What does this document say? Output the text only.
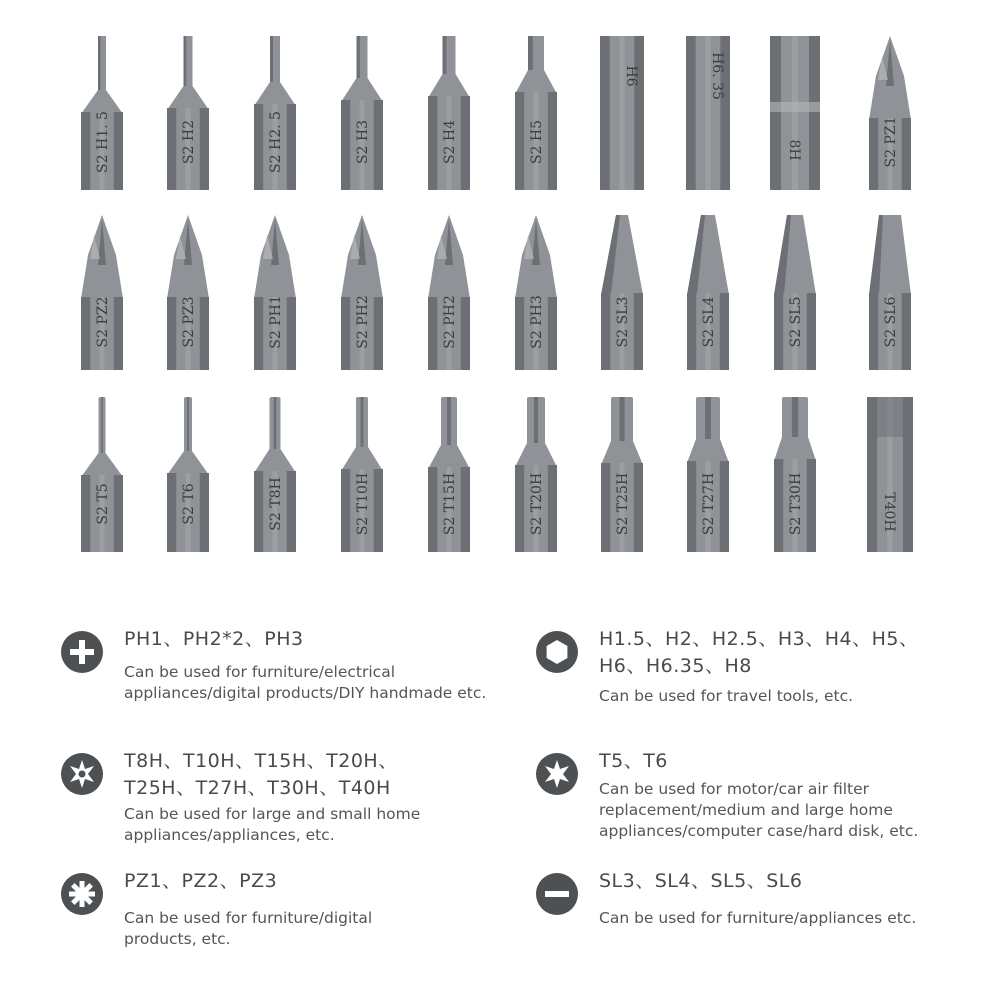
S2 H1. 5	S2 H2	S2 H2. 5	S2 H3	S2 H4	S2 H5
H6	H6. 35
8H	S2 PZ1
S2 PZ2	S2 PZ3	S2 PH1	S2 PH2	S2 PH2	S2 PH3	S2 SL3	S2 SL4	S2 SL5	S2 SL6
S2 T5	S2 T6	S2 T8H	S2 T10H	S2 T15H	S2 T20H	S2 T25H	S2 T27H	S2 T30H	T40H
PH1、PH2*2、PH3
Can be used for furniture/electrical appliances/digital products/DIY handmade etc.
T8H、T10H、T15H、T20H、T25H、T27H、T30H、T40H
Can be used for large and small home appliances/appliances, etc.
PZ1、PZ2、PZ3
Can be used for furniture/digital products, etc.
H1.5、H2、H2.5、H3、H4、H5、H6、H6.35、H8
Can be used for travel tools, etc.
T5、T6
Can be used for motor/car air filter replacement/medium and large home appliances/computer case/hard disk, etc.
SL3、SL4、SL5、SL6
Can be used for furniture/appliances etc.
